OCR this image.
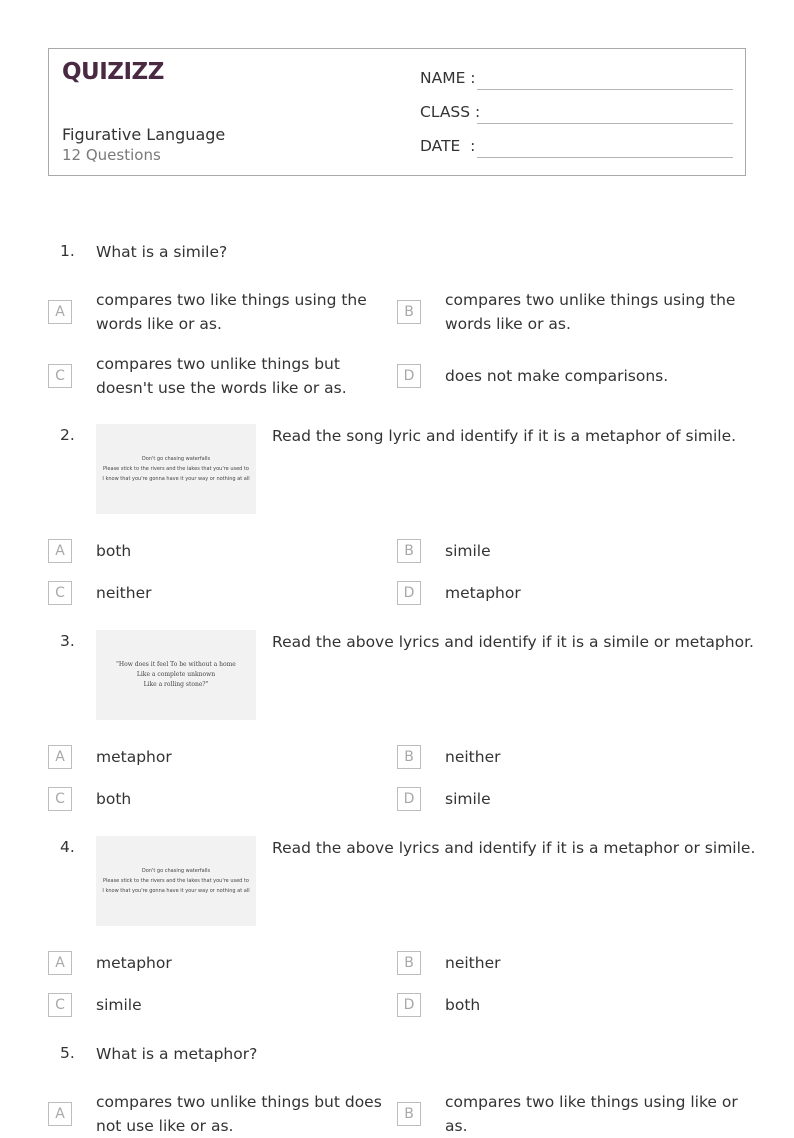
QUIZIZZ
Figurative Language
12 Questions
NAME :
CLASS :
DATE  :
1. What is a simile?
A
compares two like things using the words like or as.
B
compares two unlike things using the words like or as.
C
compares two unlike things but doesn't use the words like or as.
D	does not make comparisons.
2.
Don't go chasing waterfalls
Please stick to the rivers and the lakes that you're used to
I know that you're gonna have it your way or nothing at all
Read the song lyric and identify if it is a metaphor of simile.
A	both	B	simile
C	neither	D	metaphor
3.
"How does it feel To be without a home
Like a complete unknown
Like a rolling stone?"
Read the above lyrics and identify if it is a simile or metaphor.
A	metaphor	B	neither
C	both	D	simile
4.
Don't go chasing waterfalls
Please stick to the rivers and the lakes that you're used to
I know that you're gonna have it your way or nothing at all
Read the above lyrics and identify if it is a metaphor or simile.
A	metaphor	B	neither
C	simile	D	both
5. What is a metaphor?
A
compares two unlike things but does not use like or as.
B
compares two like things using like or as.
